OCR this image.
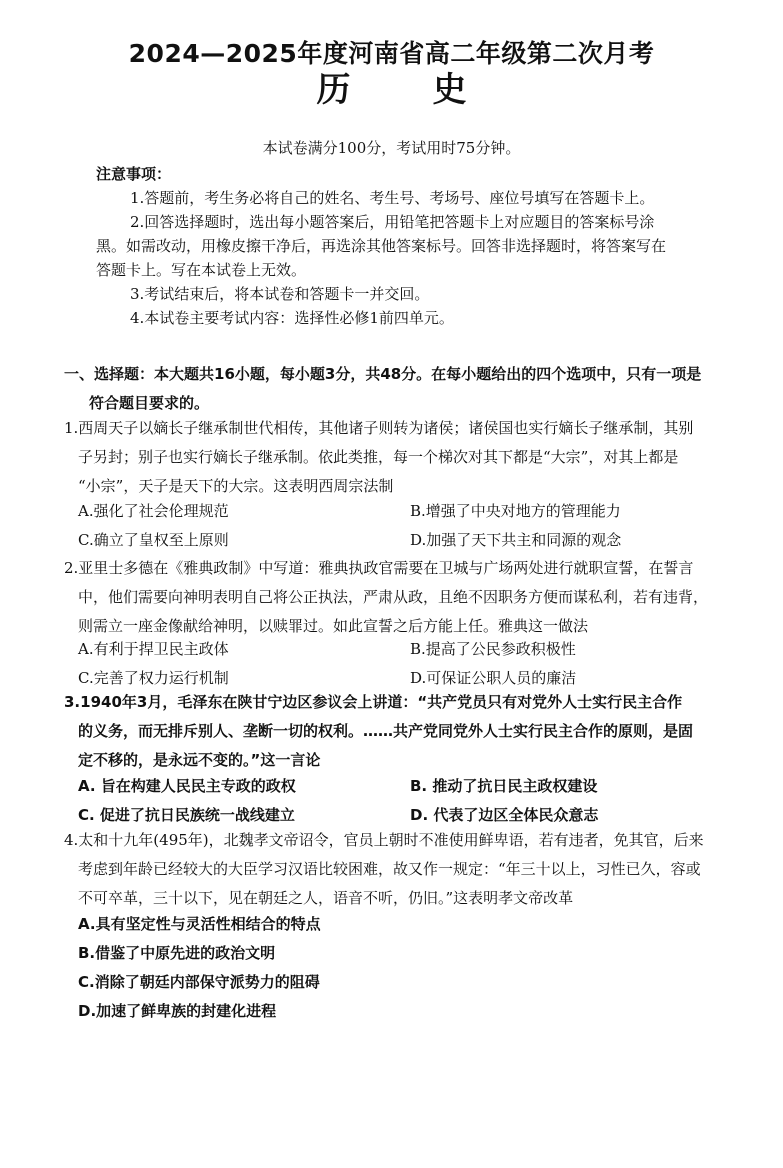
2024—2025年度河南省高二年级第二次月考
历 史
本试卷满分100分，考试用时75分钟。
注意事项：
1.答题前，考生务必将自己的姓名、考生号、考场号、座位号填写在答题卡上。
2.回答选择题时，选出每小题答案后，用铅笔把答题卡上对应题目的答案标号涂
黑。如需改动，用橡皮擦干净后，再选涂其他答案标号。回答非选择题时，将答案写在
答题卡上。写在本试卷上无效。
3.考试结束后，将本试卷和答题卡一并交回。
4.本试卷主要考试内容：选择性必修1前四单元。
一、选择题：本大题共16小题，每小题3分，共48分。在每小题给出的四个选项中，只有一项是
符合题目要求的。
1.西周天子以嫡长子继承制世代相传，其他诸子则转为诸侯；诸侯国也实行嫡长子继承制，其别
子另封；别子也实行嫡长子继承制。依此类推，每一个梯次对其下都是“大宗”，对其上都是
“小宗”，天子是天下的大宗。这表明西周宗法制
A.强化了社会伦理规范	B.增强了中央对地方的管理能力
C.确立了皇权至上原则	D.加强了天下共主和同源的观念
2.亚里士多德在《雅典政制》中写道：雅典执政官需要在卫城与广场两处进行就职宣誓，在誓言
中，他们需要向神明表明自己将公正执法，严肃从政，且绝不因职务方便而谋私利，若有违背，
则需立一座金像献给神明，以赎罪过。如此宣誓之后方能上任。雅典这一做法
A.有利于捍卫民主政体	B.提高了公民参政积极性
C.完善了权力运行机制	D.可保证公职人员的廉洁
3.1940年3月，毛泽东在陕甘宁边区参议会上讲道：“共产党员只有对党外人士实行民主合作
的义务，而无排斥别人、垄断一切的权利。……共产党同党外人士实行民主合作的原则，是固
定不移的，是永远不变的。”这一言论
A. 旨在构建人民民主专政的政权	B. 推动了抗日民主政权建设
C. 促进了抗日民族统一战线建立	D. 代表了边区全体民众意志
4.太和十九年(495年)，北魏孝文帝诏令，官员上朝时不准使用鲜卑语，若有违者，免其官，后来
考虑到年龄已经较大的大臣学习汉语比较困难，故又作一规定：“年三十以上，习性已久，容或
不可卒革，三十以下，见在朝廷之人，语音不听，仍旧。”这表明孝文帝改革
A.具有坚定性与灵活性相结合的特点
B.借鉴了中原先进的政治文明
C.消除了朝廷内部保守派势力的阻碍
D.加速了鲜卑族的封建化进程
